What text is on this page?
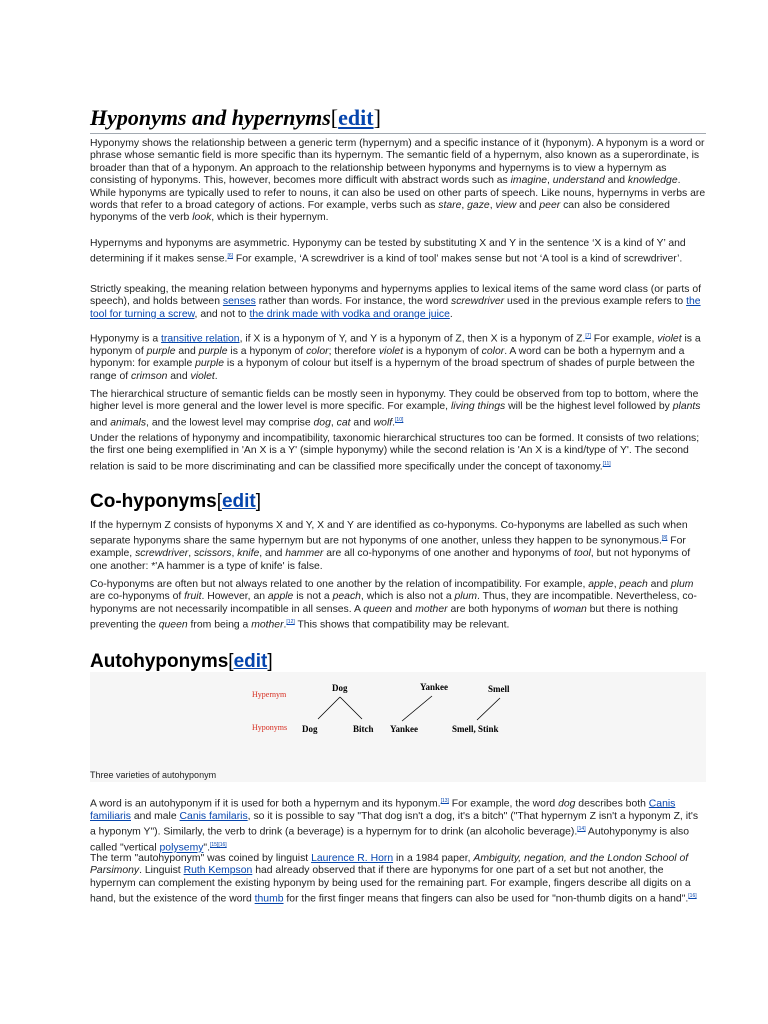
Hyponyms and hypernyms[edit]

Hyponymy shows the relationship between a generic term (hypernym) and a specific instance of it (hyponym). A hyponym is a word or phrase whose semantic field is more specific than its hypernym. The semantic field of a hypernym, also known as a superordinate, is broader than that of a hyponym. An approach to the relationship between hyponyms and hypernyms is to view a hypernym as consisting of hyponyms. This, however, becomes more difficult with abstract words such as imagine, understand and knowledge. While hyponyms are typically used to refer to nouns, it can also be used on other parts of speech. Like nouns, hypernyms in verbs are words that refer to a broad category of actions. For example, verbs such as stare, gaze, view and peer can also be considered hyponyms of the verb look, which is their hypernym.

Hypernyms and hyponyms are asymmetric. Hyponymy can be tested by substituting X and Y in the sentence ‘X is a kind of Y’ and determining if it makes sense.[6] For example, ‘A screwdriver is a kind of tool’ makes sense but not ‘A tool is a kind of screwdriver’.

Strictly speaking, the meaning relation between hyponyms and hypernyms applies to lexical items of the same word class (or parts of speech), and holds between senses rather than words. For instance, the word screwdriver used in the previous example refers to the tool for turning a screw, and not to the drink made with vodka and orange juice.

Hyponymy is a transitive relation, if X is a hyponym of Y, and Y is a hyponym of Z, then X is a hyponym of Z.[7] For example, violet is a hyponym of purple and purple is a hyponym of color; therefore violet is a hyponym of color. A word can be both a hypernym and a hyponym: for example purple is a hyponym of colour but itself is a hypernym of the broad spectrum of shades of purple between the range of crimson and violet.

The hierarchical structure of semantic fields can be mostly seen in hyponymy. They could be observed from top to bottom, where the higher level is more general and the lower level is more specific. For example, living things will be the highest level followed by plants and animals, and the lowest level may comprise dog, cat and wolf.[10]

Under the relations of hyponymy and incompatibility, taxonomic hierarchical structures too can be formed. It consists of two relations; the first one being exemplified in 'An X is a Y' (simple hyponymy) while the second relation is 'An X is a kind/type of Y'. The second relation is said to be more discriminating and can be classified more specifically under the concept of taxonomy.[11]

Co-hyponyms[edit]

If the hypernym Z consists of hyponyms X and Y, X and Y are identified as co-hyponyms. Co-hyponyms are labelled as such when separate hyponyms share the same hypernym but are not hyponyms of one another, unless they happen to be synonymous.[8] For example, screwdriver, scissors, knife, and hammer are all co-hyponyms of one another and hyponyms of tool, but not hyponyms of one another: *'A hammer is a type of knife' is false.

Co-hyponyms are often but not always related to one another by the relation of incompatibility. For example, apple, peach and plum are co-hyponyms of fruit. However, an apple is not a peach, which is also not a plum. Thus, they are incompatible. Nevertheless, co-hyponyms are not necessarily incompatible in all senses. A queen and mother are both hyponyms of woman but there is nothing preventing the queen from being a mother.[12] This shows that compatibility may be relevant.

Autohyponyms[edit]
Hypernym
Hyponyms
Dog	Yankee	Smell
Dog	Bitch Yankee	Smell, Stink
Three varieties of autohyponym

A word is an autohyponym if it is used for both a hypernym and its hyponym.[13] For example, the word dog describes both Canis familiaris and male Canis familaris, so it is possible to say "That dog isn't a dog, it's a bitch" ("That hypernym Z isn't a hyponym Z, it's a hyponym Y"). Similarly, the verb to drink (a beverage) is a hypernym for to drink (an alcoholic beverage).[14] Autohyponymy is also called "vertical polysemy".[15][16]

The term "autohyponym" was coined by linguist Laurence R. Horn in a 1984 paper, Ambiguity, negation, and the London School of Parsimony. Linguist Ruth Kempson had already observed that if there are hyponyms for one part of a set but not another, the hypernym can complement the existing hyponym by being used for the remaining part. For example, fingers describe all digits on a hand, but the existence of the word thumb for the first finger means that fingers can also be used for "non-thumb digits on a hand".[16]
